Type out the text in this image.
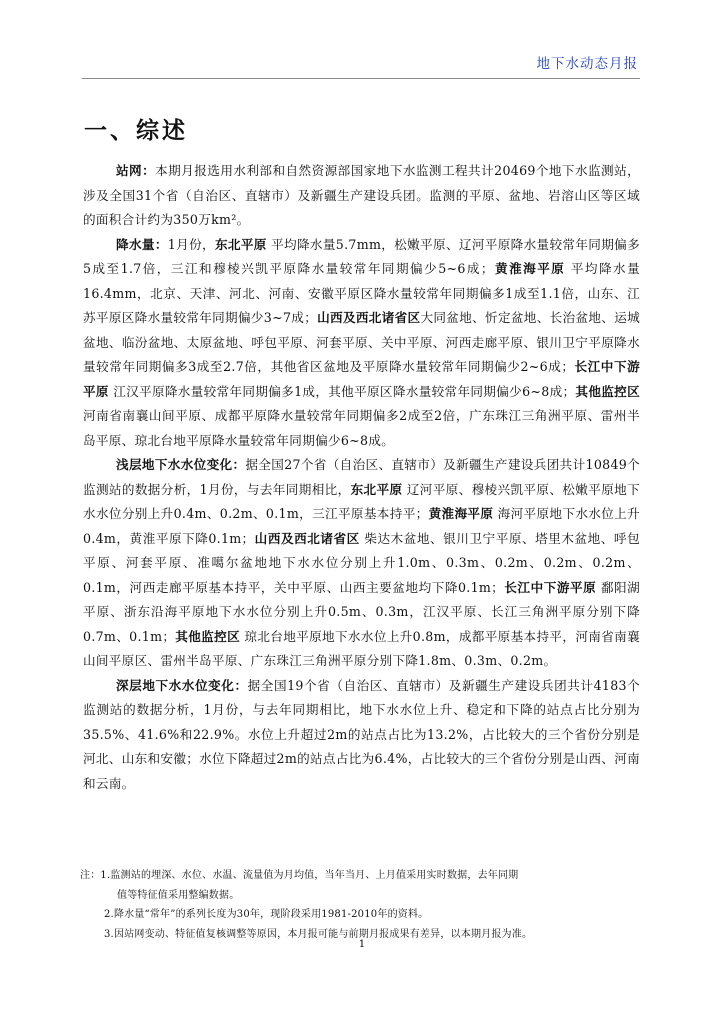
地下水动态月报
一、综述

站网：本期月报选用水利部和自然资源部国家地下水监测工程共计20469个地下水监测站，涉及全国31个省（自治区、直辖市）及新疆生产建设兵团。监测的平原、盆地、岩溶山区等区域的面积合计约为350万km²。

降水量：1月份，东北平原 平均降水量5.7mm，松嫩平原、辽河平原降水量较常年同期偏多5成至1.7倍，三江和穆棱兴凯平原降水量较常年同期偏少5~6成；黄淮海平原 平均降水量16.4mm，北京、天津、河北、河南、安徽平原区降水量较常年同期偏多1成至1.1倍，山东、江苏平原区降水量较常年同期偏少3~7成；山西及西北诸省区大同盆地、忻定盆地、长治盆地、运城盆地、临汾盆地、太原盆地、呼包平原、河套平原、关中平原、河西走廊平原、银川卫宁平原降水量较常年同期偏多3成至2.7倍，其他省区盆地及平原降水量较常年同期偏少2~6成；长江中下游平原 江汉平原降水量较常年同期偏多1成，其他平原区降水量较常年同期偏少6~8成；其他监控区 河南省南襄山间平原、成都平原降水量较常年同期偏多2成至2倍，广东珠江三角洲平原、雷州半岛平原、琼北台地平原降水量较常年同期偏少6~8成。

浅层地下水水位变化：据全国27个省（自治区、直辖市）及新疆生产建设兵团共计10849个监测站的数据分析，1月份，与去年同期相比，东北平原 辽河平原、穆棱兴凯平原、松嫩平原地下水水位分别上升0.4m、0.2m、0.1m，三江平原基本持平；黄淮海平原 海河平原地下水水位上升0.4m，黄淮平原下降0.1m；山西及西北诸省区 柴达木盆地、银川卫宁平原、塔里木盆地、呼包平原、河套平原、准噶尔盆地地下水水位分别上升1.0m、0.3m、0.2m、0.2m、0.2m、0.1m，河西走廊平原基本持平，关中平原、山西主要盆地均下降0.1m；长江中下游平原 鄱阳湖平原、浙东沿海平原地下水水位分别上升0.5m、0.3m，江汉平原、长江三角洲平原分别下降0.7m、0.1m；其他监控区 琼北台地平原地下水水位上升0.8m，成都平原基本持平，河南省南襄山间平原区、雷州半岛平原、广东珠江三角洲平原分别下降1.8m、0.3m、0.2m。

深层地下水水位变化：据全国19个省（自治区、直辖市）及新疆生产建设兵团共计4183个监测站的数据分析，1月份，与去年同期相比，地下水水位上升、稳定和下降的站点占比分别为35.5%、41.6%和22.9%。水位上升超过2m的站点占比为13.2%，占比较大的三个省份分别是河北、山东和安徽；水位下降超过2m的站点占比为6.4%，占比较大的三个省份分别是山西、河南和云南。

注：1.监测站的埋深、水位、水温、流量值为月均值，当年当月、上月值采用实时数据，去年同期
值等特征值采用整编数据。
2.降水量“常年”的系列长度为30年，现阶段采用1981-2010年的资料。
3.因站网变动、特征值复核调整等原因，本月报可能与前期月报成果有差异，以本期月报为准。
1
